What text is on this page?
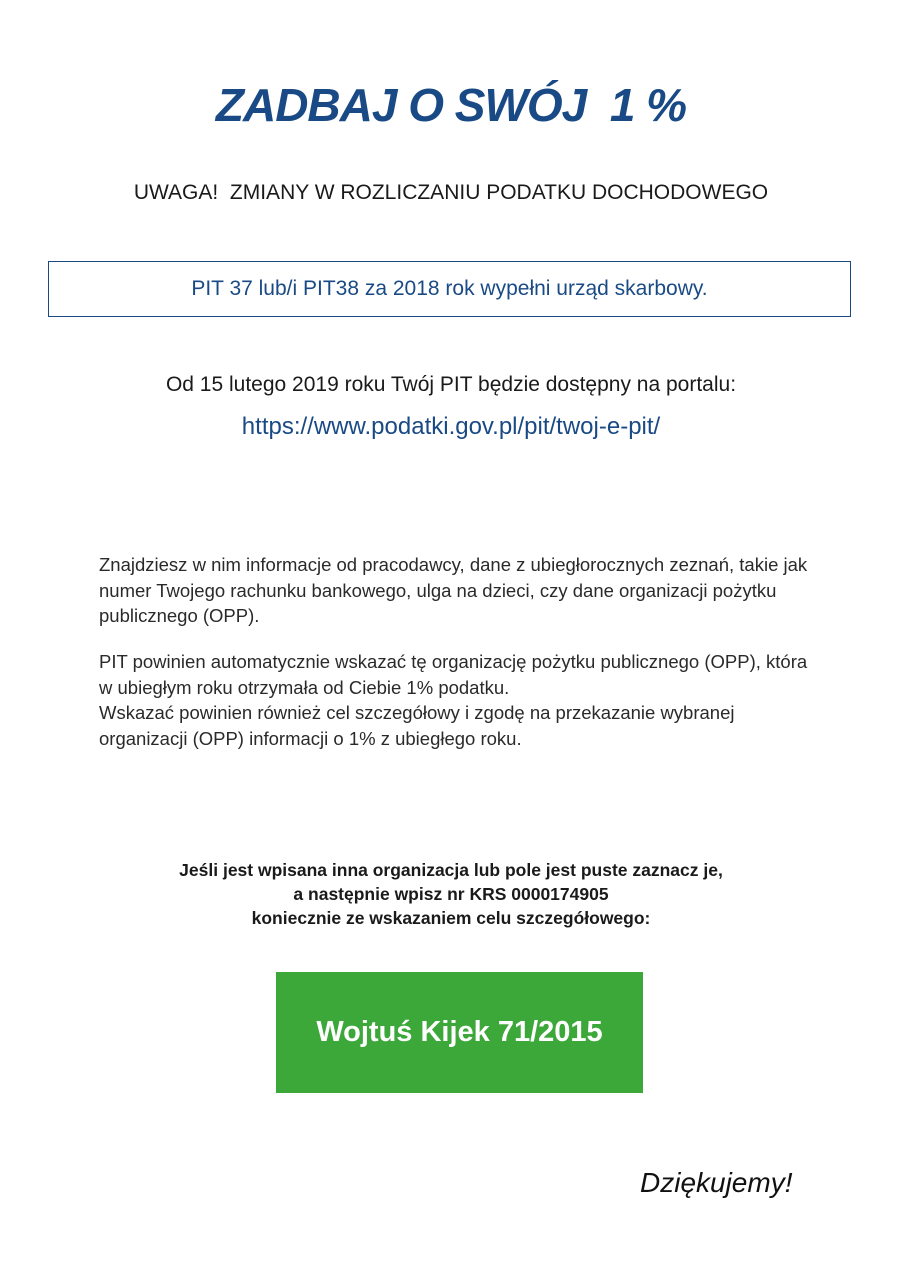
ZADBAJ O SWÓJ  1 %
UWAGA!  ZMIANY W ROZLICZANIU PODATKU DOCHODOWEGO
PIT 37 lub/i PIT38 za 2018 rok wypełni urząd skarbowy.
Od 15 lutego 2019 roku Twój PIT będzie dostępny na portalu:
https://www.podatki.gov.pl/pit/twoj-e-pit/
Znajdziesz w nim informacje od pracodawcy, dane z ubiegłorocznych zeznań, takie jak numer Twojego rachunku bankowego, ulga na dzieci, czy dane organizacji pożytku publicznego (OPP).
PIT powinien automatycznie wskazać tę organizację pożytku publicznego (OPP), która w ubiegłym roku otrzymała od Ciebie 1% podatku.
Wskazać powinien również cel szczegółowy i zgodę na przekazanie wybranej organizacji (OPP) informacji o 1% z ubiegłego roku.
Jeśli jest wpisana inna organizacja lub pole jest puste zaznacz je,
a następnie wpisz nr KRS 0000174905
koniecznie ze wskazaniem celu szczegółowego:
Wojtuś Kijek 71/2015
Dziękujemy!
